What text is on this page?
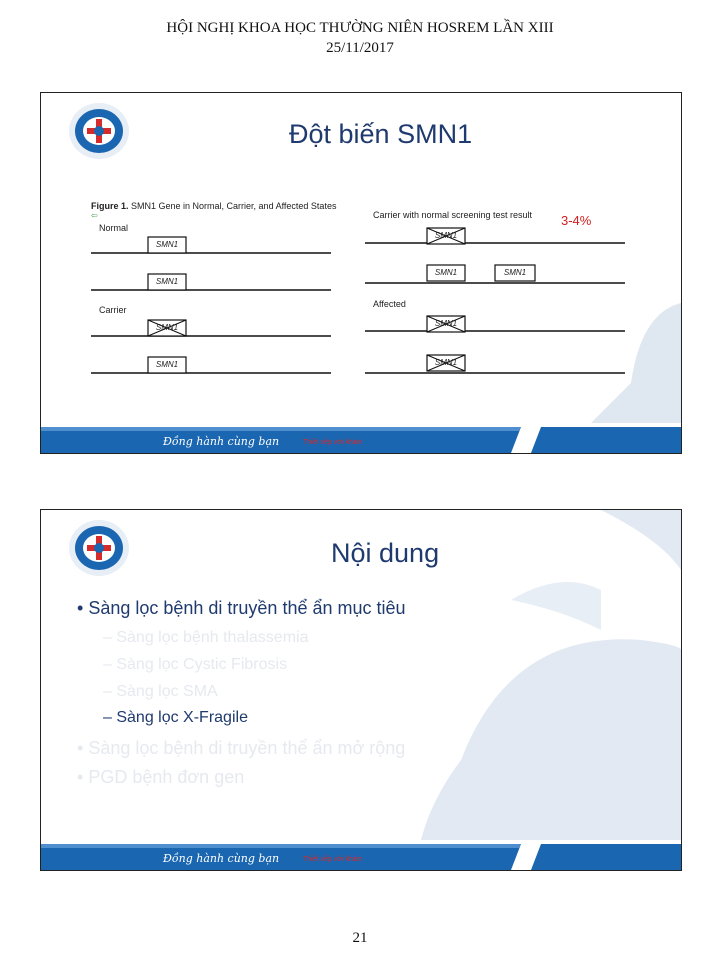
HỘI NGHỊ KHOA HỌC THƯỜNG NIÊN HOSREM LẦN XIII
25/11/2017
Đột biến SMN1
Figure 1. SMN1 Gene in Normal, Carrier, and Affected States
⇦
Normal
Carrier
Carrier with normal screening test result
Affected
SMN1
SMN1
SMN1
SMN1
SMN1
SMN1	SMN1
SMN1
SMN1
3-4%
Đồng hành cùng bạn	Thiết xếp với khám
Nội dung
• Sàng lọc bệnh di truyền thể ẩn mục tiêu
– Sàng lọc bệnh thalassemia
– Sàng lọc Cystic Fibrosis
– Sàng lọc SMA
– Sàng lọc X-Fragile
• Sàng lọc bệnh di truyền thể ẩn mở rộng
• PGD bệnh đơn gen
Đồng hành cùng bạn	Thiết xếp với khám
21
